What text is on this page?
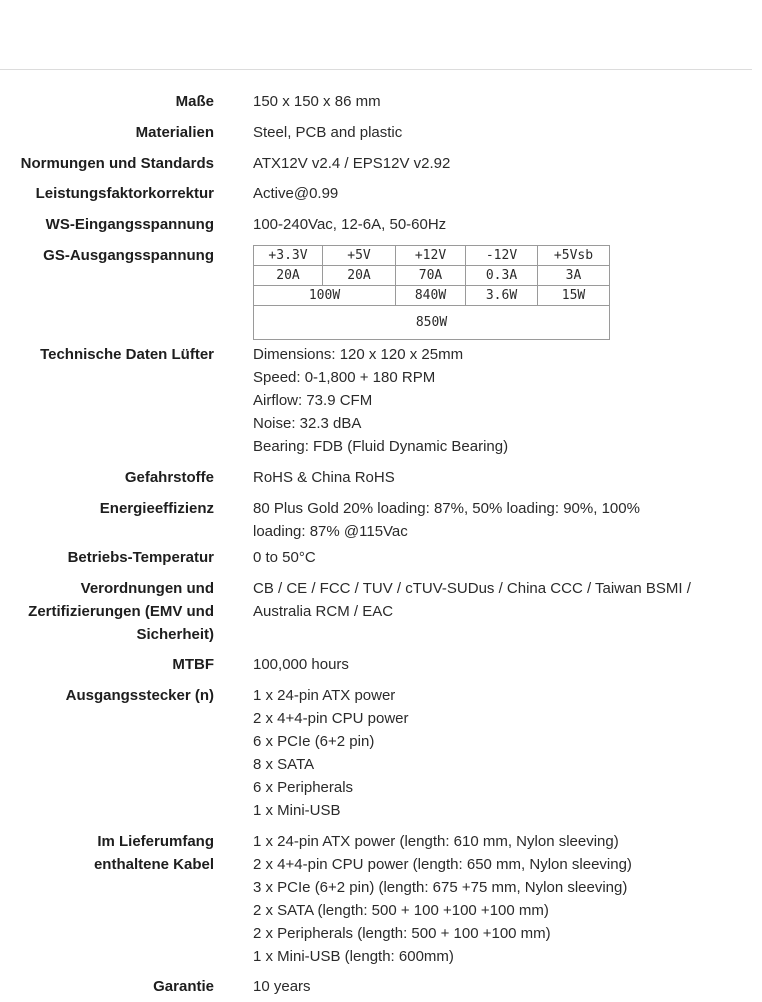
Maße	150 x 150 x 86 mm
Materialien	Steel, PCB and plastic
Normungen und Standards	ATX12V v2.4 / EPS12V v2.92
Leistungsfaktorkorrektur	Active@0.99
WS-Eingangsspannung	100-240Vac, 12-6A, 50-60Hz
GS-Ausgangsspannung	+3.3V	+5V	+12V	-12V	+5Vsb
20A	20A	70A	0.3A	3A
100W		840W	3.6W	15W
850W				
Technische Daten Lüfter	Dimensions: 120 x 120 x 25mm
Speed: 0-1,800 + 180 RPM
Airflow: 73.9 CFM
Noise: 32.3 dBA
Bearing: FDB (Fluid Dynamic Bearing)
Gefahrstoffe	RoHS & China RoHS
Energieeffizienz	80 Plus Gold 20% loading: 87%, 50% loading: 90%, 100%
loading: 87% @115Vac
Betriebs-Temperatur	0 to 50°C
Verordnungen und
Zertifizierungen (EMV und
Sicherheit)
CB / CE / FCC / TUV / cTUV-SUDus / China CCC / Taiwan BSMI /
Australia RCM / EAC
MTBF	100,000 hours
Ausgangsstecker (n)	1 x 24-pin ATX power
2 x 4+4-pin CPU power
6 x PCIe (6+2 pin)
8 x SATA
6 x Peripherals
1 x Mini-USB
Im Lieferumfang
enthaltene Kabel
1 x 24-pin ATX power (length: 610 mm, Nylon sleeving)
2 x 4+4-pin CPU power (length: 650 mm, Nylon sleeving)
3 x PCIe (6+2 pin) (length: 675 +75 mm, Nylon sleeving)
2 x SATA (length: 500 + 100 +100 +100 mm)
2 x Peripherals (length: 500 + 100 +100 mm)
1 x Mini-USB (length: 600mm)
Garantie	10 years
